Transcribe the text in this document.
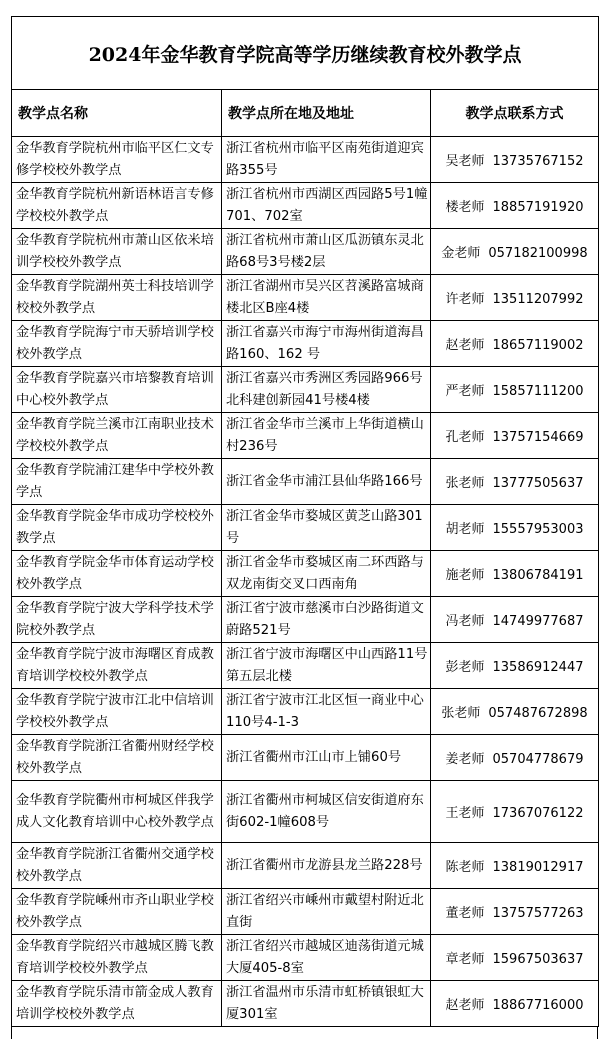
2024年金华教育学院高等学历继续教育校外教学点		
教学点名称	教学点所在地及地址	教学点联系方式
金华教育学院杭州市临平区仁文专修学校校外教学点	浙江省杭州市临平区南苑街道迎宾路355号	吴老师 13735767152
金华教育学院杭州新语林语言专修学校校外教学点	浙江省杭州市西湖区西园路5号1幢701、702室	楼老师 18857191920
金华教育学院杭州市萧山区依米培训学校校外教学点	浙江省杭州市萧山区瓜沥镇东灵北路68号3号楼2层	金老师 057182100998
金华教育学院湖州英士科技培训学校校外教学点	浙江省湖州市吴兴区苕溪路富城商楼北区B座4楼	许老师 13511207992
金华教育学院海宁市天骄培训学校校外教学点	浙江省嘉兴市海宁市海州街道海昌路160、162 号	赵老师 18657119002
金华教育学院嘉兴市培黎教育培训中心校外教学点	浙江省嘉兴市秀洲区秀园路966号北科建创新园41号楼4楼	严老师 15857111200
金华教育学院兰溪市江南职业技术学校校外教学点	浙江省金华市兰溪市上华街道横山村236号	孔老师 13757154669
金华教育学院浦江建华中学校外教学点	浙江省金华市浦江县仙华路166号	张老师 13777505637
金华教育学院金华市成功学校校外教学点	浙江省金华市婺城区黄芝山路301号	胡老师 15557953003
金华教育学院金华市体育运动学校校外教学点	浙江省金华市婺城区南二环西路与双龙南街交叉口西南角	施老师 13806784191
金华教育学院宁波大学科学技术学院校外教学点	浙江省宁波市慈溪市白沙路街道文蔚路521号	冯老师 14749977687
金华教育学院宁波市海曙区育成教育培训学校校外教学点	浙江省宁波市海曙区中山西路11号第五层北楼	彭老师 13586912447
金华教育学院宁波市江北中信培训学校校外教学点	浙江省宁波市江北区恒一商业中心110号4-1-3	张老师 057487672898
金华教育学院浙江省衢州财经学校校外教学点	浙江省衢州市江山市上铺60号	姜老师 05704778679
金华教育学院衢州市柯城区伴我学成人文化教育培训中心校外教学点	浙江省衢州市柯城区信安街道府东街602-1幢608号	王老师 17367076122
金华教育学院浙江省衢州交通学校校外教学点	浙江省衢州市龙游县龙兰路228号	陈老师 13819012917
金华教育学院嵊州市齐山职业学校校外教学点	浙江省绍兴市嵊州市戴望村附近北直街	董老师 13757577263
金华教育学院绍兴市越城区腾飞教育培训学校校外教学点	浙江省绍兴市越城区迪荡街道元城大厦405-8室	章老师 15967503637
金华教育学院乐清市箭金成人教育培训学校校外教学点	浙江省温州市乐清市虹桥镇银虹大厦301室	赵老师 18867716000
